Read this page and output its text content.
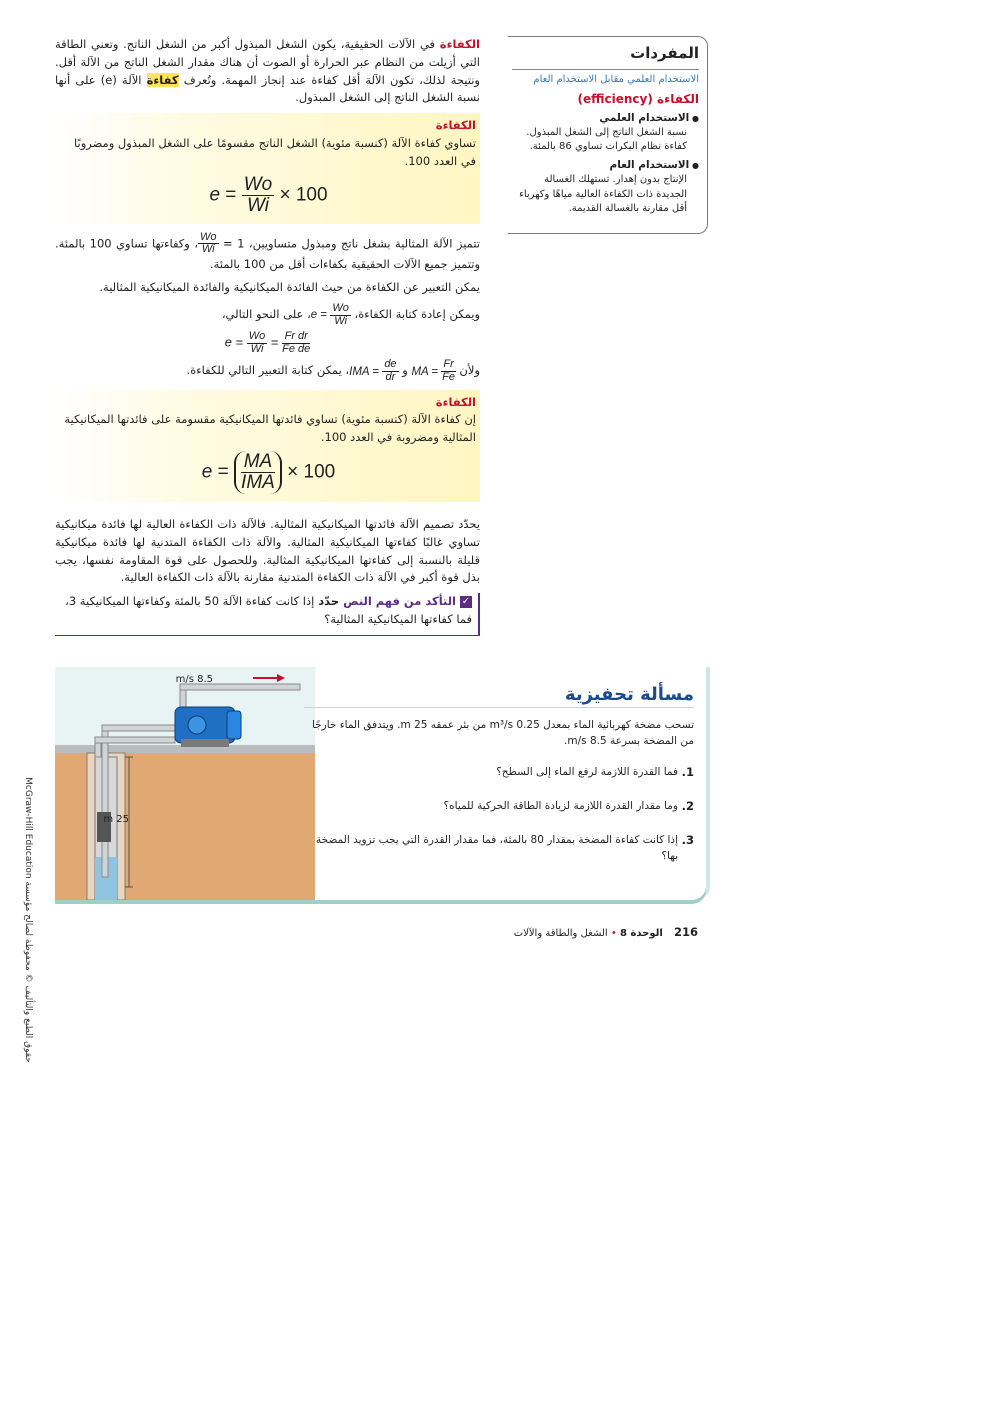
الكفاءة في الآلات الحقيقية، يكون الشغل المبذول أكبر من الشغل الناتج. وتعني الطاقة التي أزيلت من النظام عبر الحرارة أو الصوت أن هناك مقدار الشغل الناتج من الآلة أقل. ونتيجة لذلك، تكون الآلة أقل كفاءة عند إنجاز المهمة. وتُعرف كفاءة الآلة (e) على أنها نسبة الشغل الناتج إلى الشغل المبذول.

الكفاءة
تساوي كفاءة الآلة (كنسبة مئوية) الشغل الناتج مقسومًا على الشغل المبذول ومضروبًا في العدد 100.
$e = \frac{Wo}{Wi} \times 100$

تتميز الآلة المثالية بشغل ناتج ومبذول متساويين، 1 =
$\frac{Wo}{Wi}$
، وكفاءتها تساوي 100 بالمئة. وتتميز جميع الآلات الحقيقية بكفاءات أقل من 100 بالمئة.

يمكن التعبير عن الكفاءة من حيث الفائدة الميكانيكية والفائدة الميكانيكية المثالية.

ويمكن إعادة كتابة الكفاءة، $e = \frac{Wo}{Wi}$
، على النحو التالي،

$e = \frac{Wo}{Wi} = \frac{\text{Fr dr}}{\text{Fe de}}$

ولأن MA = $\frac{Fr}{Fe}$
و IMA = $\frac{de}{dr}$
، يمكن كتابة التعبير التالي للكفاءة.

الكفاءة
إن كفاءة الآلة (كنسبة مئوية) تساوي فائدتها الميكانيكية مقسومة على فائدتها الميكانيكية المثالية ومضروبة في العدد 100.
$e = \frac{MA}{\text{IMA}} \times 100$

يحدّد تصميم الآلة فائدتها الميكانيكية المثالية. فالآلة ذات الكفاءة العالية لها فائدة ميكانيكية تساوي غالبًا كفاءتها الميكانيكية المثالية. والآلة ذات الكفاءة المتدنية لها فائدة ميكانيكية قليلة بالنسبة إلى كفاءتها الميكانيكية المثالية. وللحصول على قوة المقاومة نفسها، يجب بذل قوة أكبر في الآلة ذات الكفاءة المتدنية مقارنة بالآلة ذات الكفاءة العالية.

✓التأكد من فهم النص حدّد إذا كانت كفاءة الآلة 50 بالمئة وكفاءتها الميكانيكية 3، فما كفاءتها الميكانيكية المثالية؟
المفردات
الاستخدام العلمي مقابل الاستخدام العام
الكفاءة (efficiency)
● الاستخدام العلمي
نسبة الشغل الناتج إلى الشغل المبذول. كفاءة نظام البكرات تساوي 86 بالمئة.
● الاستخدام العام
الإنتاج بدون إهدار. تستهلك الغسالة الجديدة ذات الكفاءة العالية مياهًا وكهرباء أقل مقارنة بالغسالة القديمة.
حقوق الطبع والتأليف © محفوظة لصالح مؤسسة McGraw-Hill Education
8.5 m/s
25 m
مسألة تحفيزية
تسحب مضخة كهربائية الماء بمعدل 0.25 m³/s من بئر عمقه 25 m. ويتدفق الماء خارجًا من المضخة بسرعة 8.5 m/s.
1.
فما القدرة اللازمة لرفع الماء إلى السطح؟
2.
وما مقدار القدرة اللازمة لزيادة الطاقة الحركية للمياه؟
3.
إذا كانت كفاءة المضخة بمقدار 80 بالمئة، فما مقدار القدرة التي يجب تزويد المضخة بها؟
216 الوحدة 8 • الشغل والطاقة والآلات
